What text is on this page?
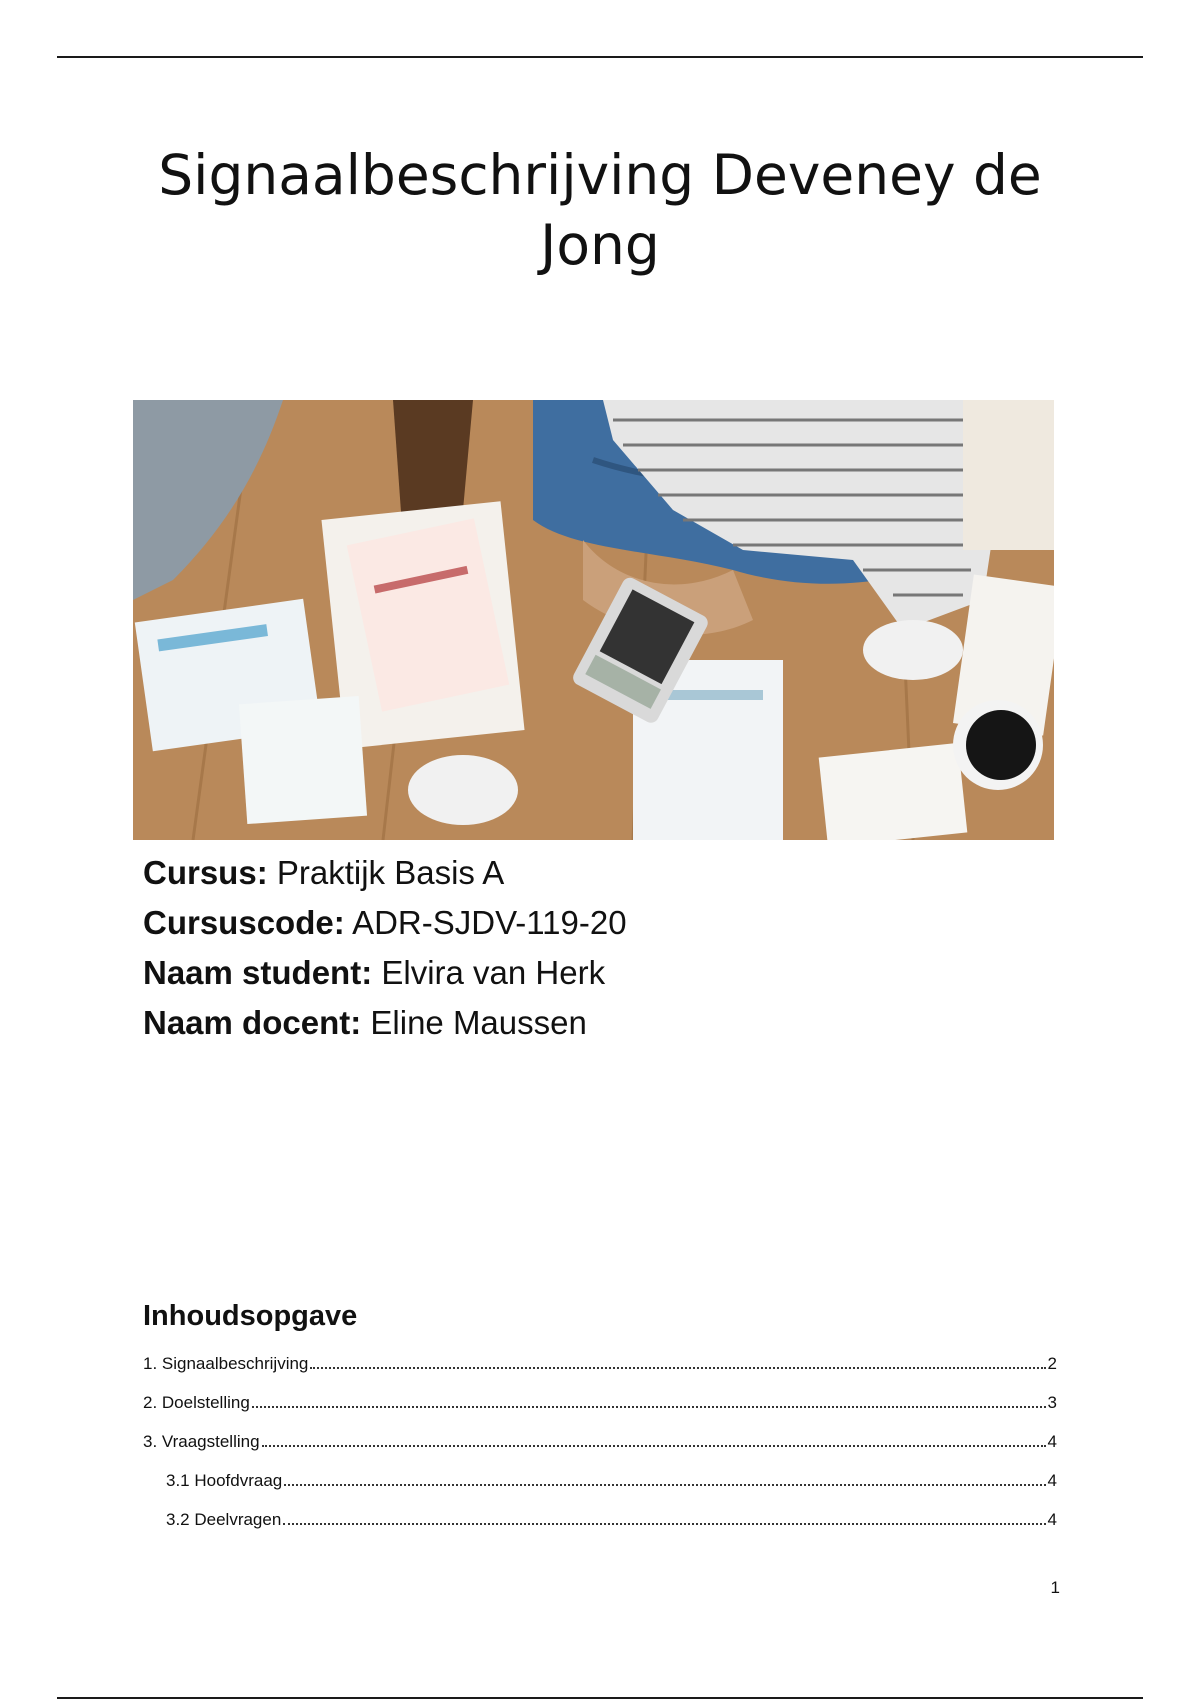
Signaalbeschrijving Deveney de Jong
Cursus: Praktijk Basis A
Cursuscode: ADR-SJDV-119-20
Naam student: Elvira van Herk
Naam docent: Eline Maussen
Inhoudsopgave
1. Signaalbeschrijving	2
2. Doelstelling	3
3. Vraagstelling	4
3.1 Hoofdvraag	4
3.2 Deelvragen	4
1
